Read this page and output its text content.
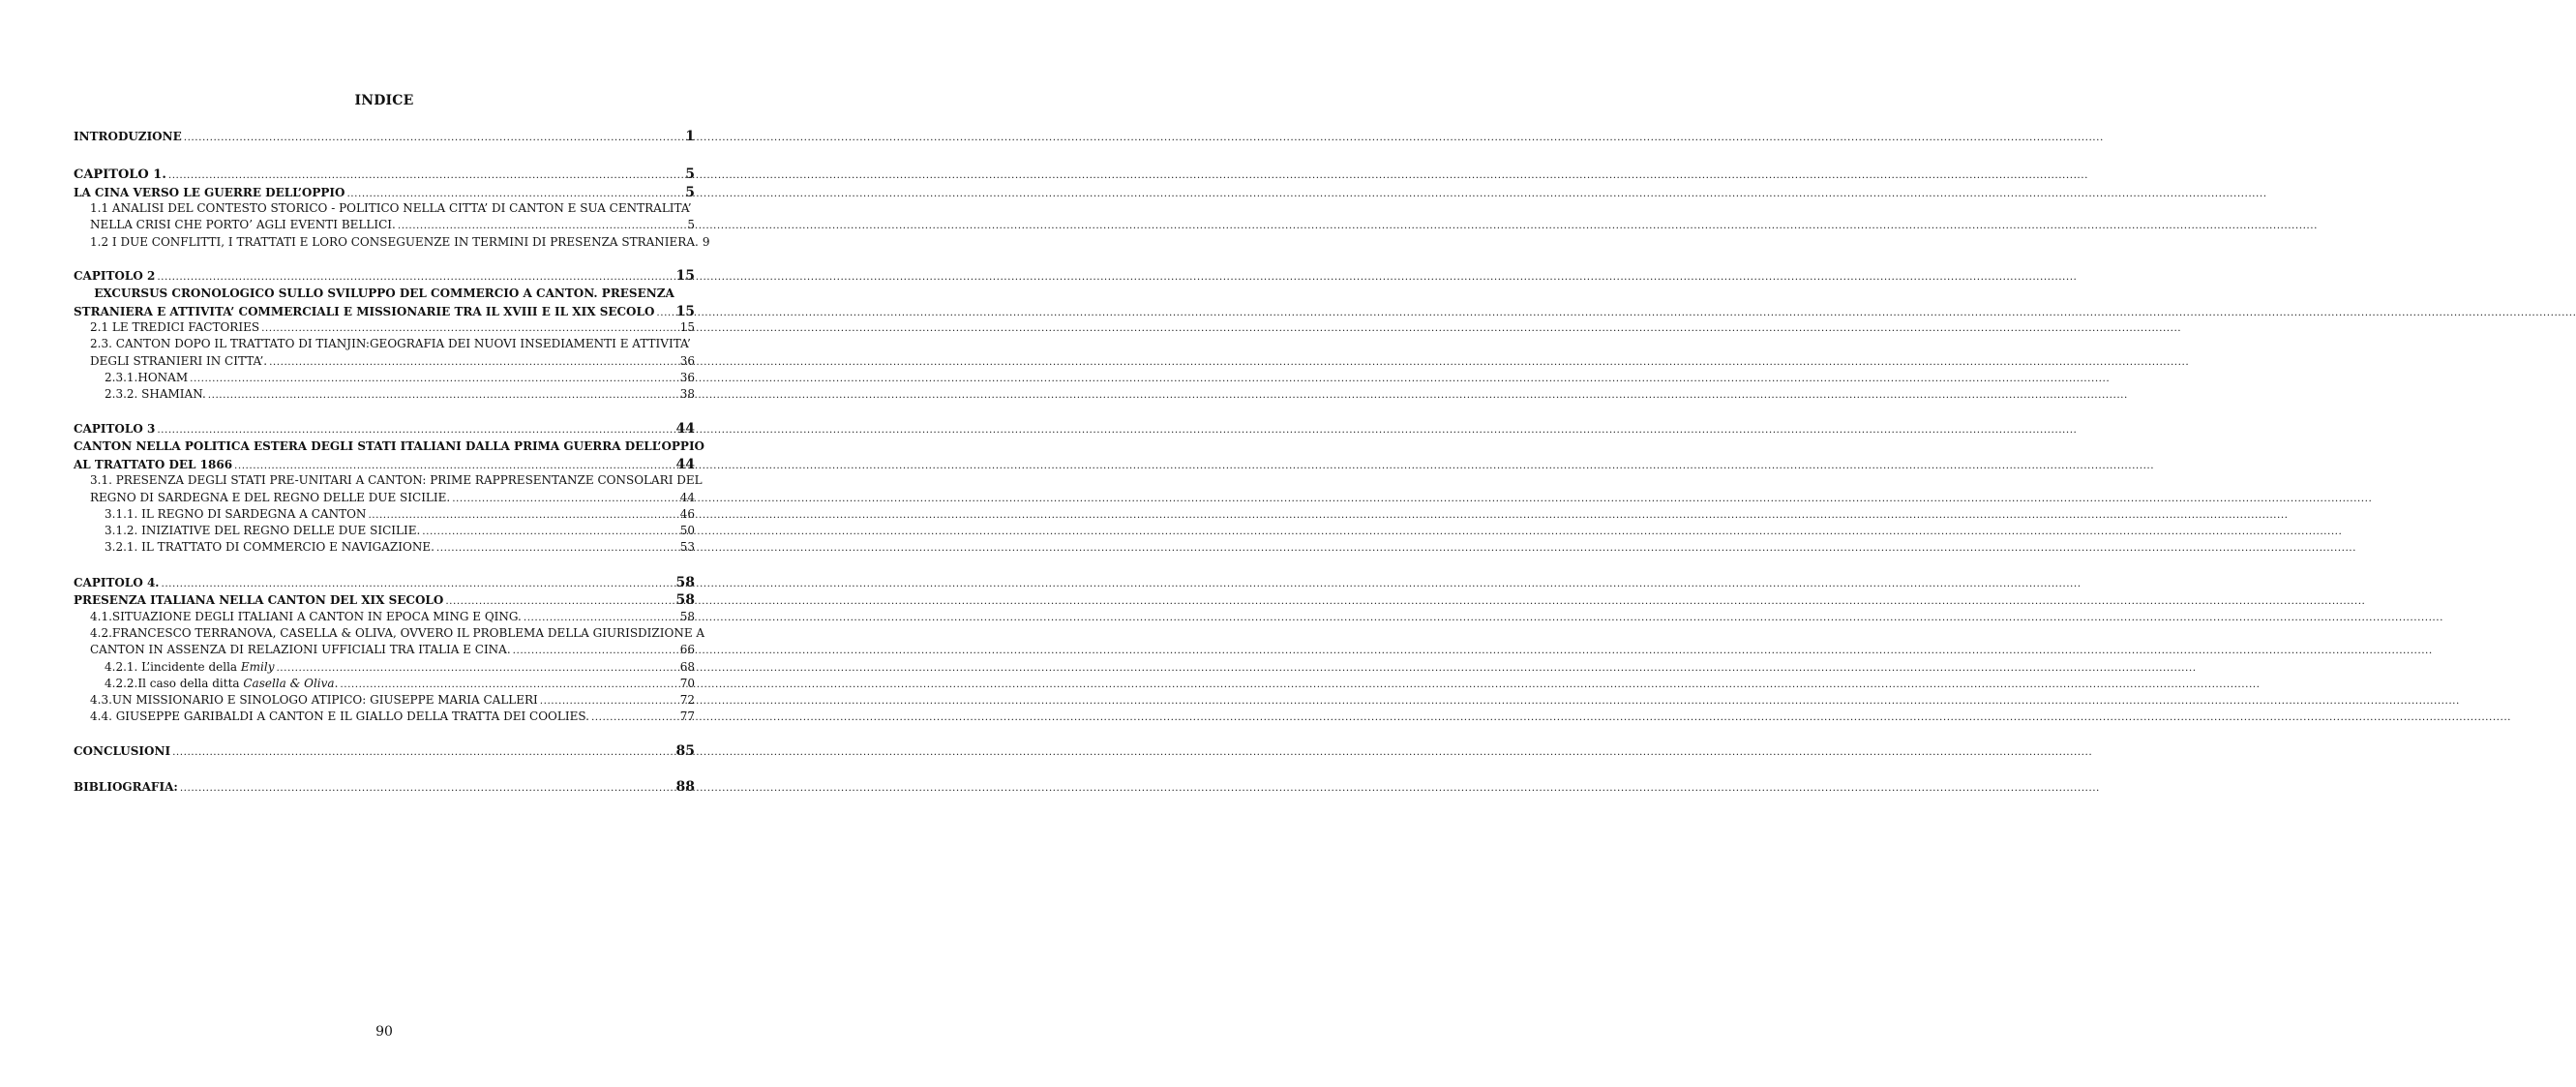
INDICE
INTRODUZIONE .....	1
CAPITOLO 1. .....	5
LA CINA VERSO LE GUERRE DELL’OPPIO .....	5
1.1 ANALISI DEL CONTESTO STORICO - POLITICO NELLA CITTA’ DI CANTON E SUA CENTRALITA’
NELLA CRISI CHE PORTO’ AGLI EVENTI BELLICI. .....	5
1.2 I DUE CONFLITTI, I TRATTATI E LORO CONSEGUENZE IN TERMINI DI PRESENZA STRANIERA. 9
CAPITOLO 2 .....	15
EXCURSUS CRONOLOGICO SULLO SVILUPPO DEL COMMERCIO A CANTON. PRESENZA
STRANIERA E ATTIVITA’ COMMERCIALI E MISSIONARIE TRA IL XVIII E IL XIX SECOLO ..... 15
2.1 LE TREDICI FACTORIES .....	15
2.3. CANTON DOPO IL TRATTATO DI TIANJIN:GEOGRAFIA DEI NUOVI INSEDIAMENTI E ATTIVITA’
DEGLI STRANIERI IN CITTA’. .....	36
2.3.1.HONAM .....	36
2.3.2. SHAMIAN. .....	38
CAPITOLO 3 .....	44
CANTON NELLA POLITICA ESTERA DEGLI STATI ITALIANI DALLA PRIMA GUERRA DELL’OPPIO
AL TRATTATO DEL 1866 .....	44
3.1. PRESENZA DEGLI STATI PRE-UNITARI A CANTON: PRIME RAPPRESENTANZE CONSOLARI DEL
REGNO DI SARDEGNA E DEL REGNO DELLE DUE SICILIE. .....	44
3.1.1. IL REGNO DI SARDEGNA A CANTON .....	46
3.1.2. INIZIATIVE DEL REGNO DELLE DUE SICILIE. .....	50
3.2.1. IL TRATTATO DI COMMERCIO E NAVIGAZIONE. .....	53
CAPITOLO 4. .....	58
PRESENZA ITALIANA NELLA CANTON DEL XIX SECOLO .....	58
4.1.SITUAZIONE DEGLI ITALIANI A CANTON IN EPOCA MING E QING. .....	58
4.2.FRANCESCO TERRANOVA, CASELLA & OLIVA, OVVERO IL PROBLEMA DELLA GIURISDIZIONE A
CANTON IN ASSENZA DI RELAZIONI UFFICIALI TRA ITALIA E CINA. .....	66
4.2.1. L’incidente della Emily .....	68
4.2.2.Il caso della ditta Casella & Oliva. .....	70
4.3.UN MISSIONARIO E SINOLOGO ATIPICO: GIUSEPPE MARIA CALLERI .....	72
4.4. GIUSEPPE GARIBALDI A CANTON E IL GIALLO DELLA TRATTA DEI COOLIES. .....	77
CONCLUSIONI .....	85
BIBLIOGRAFIA: .....	88
90
